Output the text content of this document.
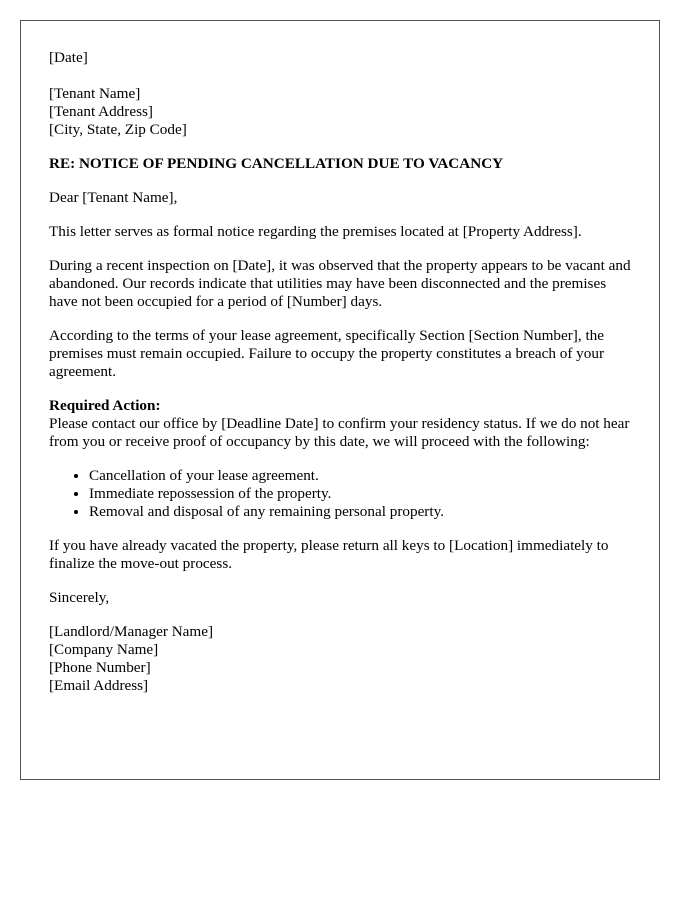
[Date]

[Tenant Name]

[Tenant Address]

[City, State, Zip Code]

RE: NOTICE OF PENDING CANCELLATION DUE TO VACANCY

Dear [Tenant Name],

This letter serves as formal notice regarding the premises located at [Property Address].

During a recent inspection on [Date], it was observed that the property appears to be vacant and abandoned. Our records indicate that utilities may have been disconnected and the premises have not been occupied for a period of [Number] days.

According to the terms of your lease agreement, specifically Section [Section Number], the premises must remain occupied. Failure to occupy the property constitutes a breach of your agreement.

Required Action:

Please contact our office by [Deadline Date] to confirm your residency status. If we do not hear from you or receive proof of occupancy by this date, we will proceed with the following:

• Cancellation of your lease agreement.
• Immediate repossession of the property.
• Removal and disposal of any remaining personal property.

If you have already vacated the property, please return all keys to [Location] immediately to finalize the move-out process.

Sincerely,

[Landlord/Manager Name]

[Company Name]

[Phone Number]

[Email Address]
